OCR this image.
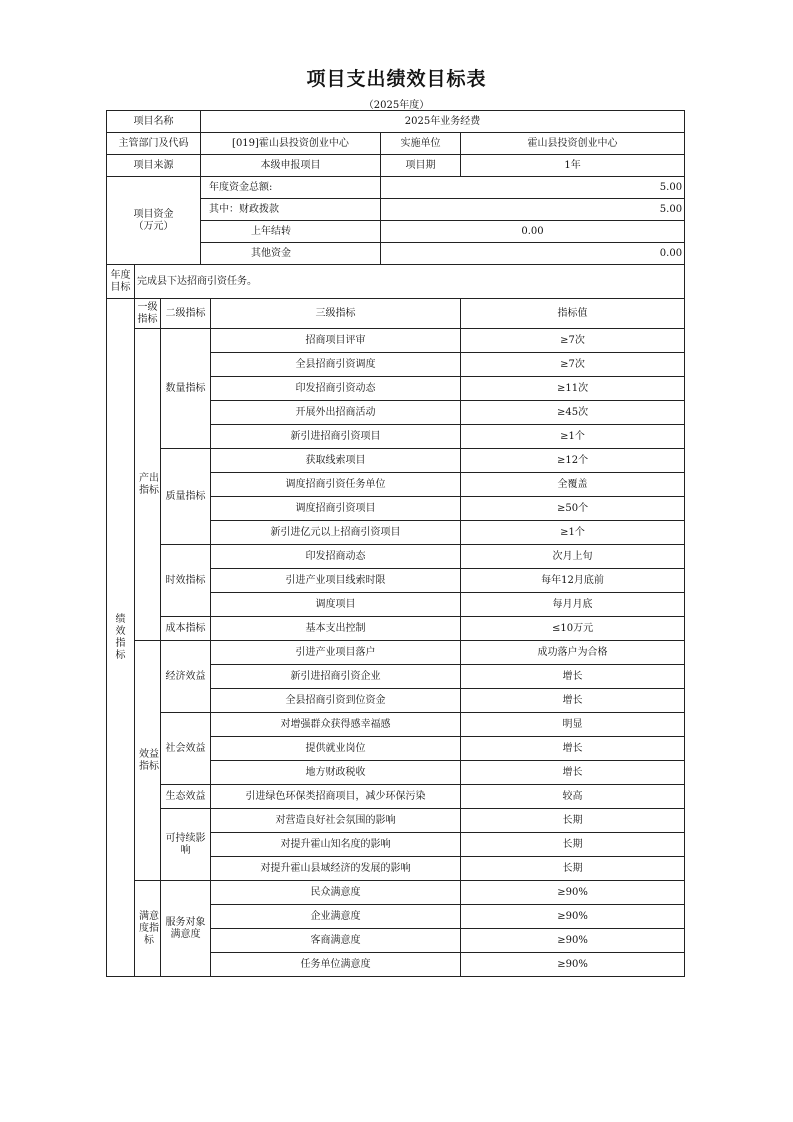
项目支出绩效目标表
（2025年度）
项目名称			2025年业务经费			
主管部门及代码			[019]霍山县投资创业中心		实施单位	霍山县投资创业中心
项目来源			本级申报项目		项目期	1年

项目资金
（万元）			年度资金总额:		5.00	
			其中：财政拨款		5.00	
			上年结转		0.00	
			其他资金		0.00	

年度
目标	完成县下达招商引资任务。					

绩效指标	一级指标	二级指标		三级指标		指标值

	产出指标	数量指标		招商项目评审		≥7次
				全县招商引资调度		≥7次
				印发招商引资动态		≥11次
				开展外出招商活动		≥45次
				新引进招商引资项目		≥1个
		质量指标		获取线索项目		≥12个
				调度招商引资任务单位		全覆盖
				调度招商引资项目		≥50个
				新引进亿元以上招商引资项目		≥1个
		时效指标		印发招商动态		次月上旬
				引进产业项目线索时限		每年12月底前
				调度项目		每月月底
		成本指标		基本支出控制		≤10万元

	效益指标	经济效益		引进产业项目落户		成功落户为合格
				新引进招商引资企业		增长
				全县招商引资到位资金		增长
		社会效益		对增强群众获得感幸福感		明显
				提供就业岗位		增长
				地方财政税收		增长
		生态效益		引进绿色环保类招商项目，减少环保污染		较高
		可持续影响		对营造良好社会氛围的影响		长期
				对提升霍山知名度的影响		长期
				对提升霍山县域经济的发展的影响		长期

	满意度指标	服务对象满意度		民众满意度		≥90%
				企业满意度		≥90%
				客商满意度		≥90%
				任务单位满意度		≥90%
